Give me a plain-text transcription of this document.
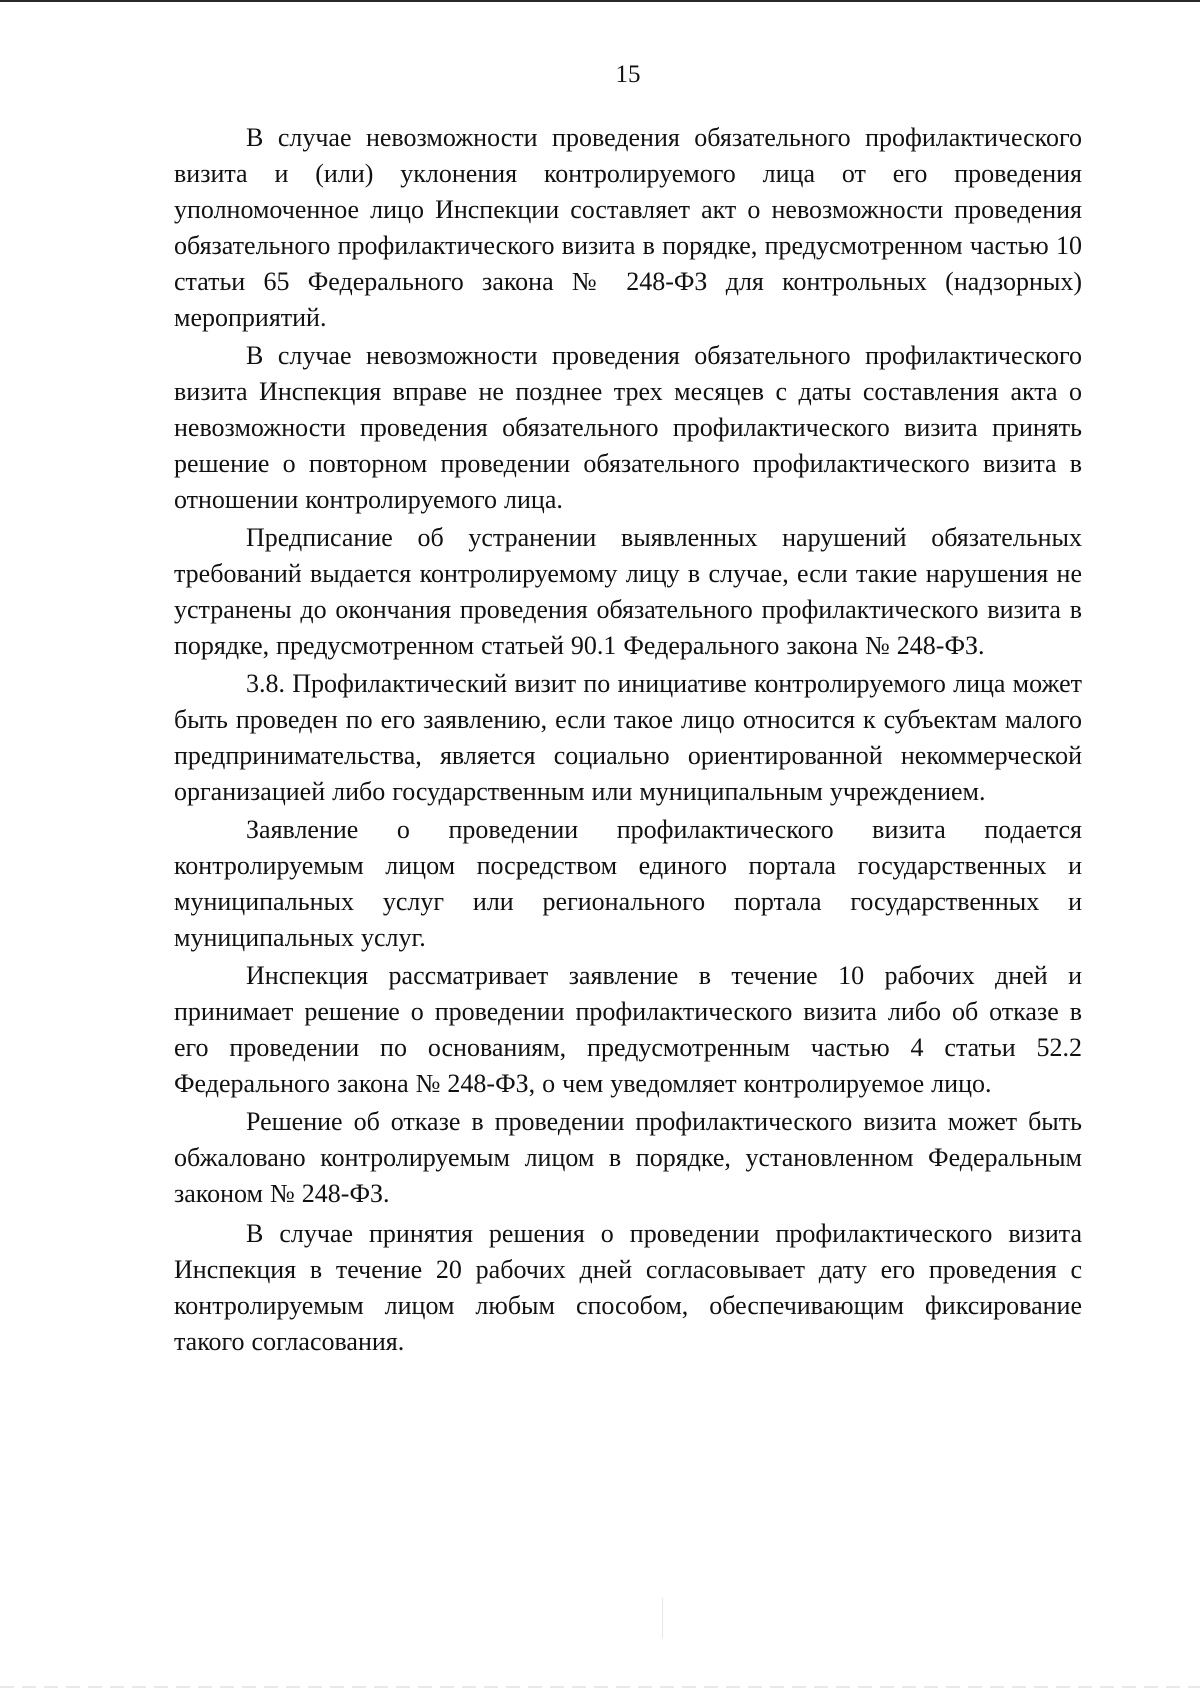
15

В случае невозможности проведения обязательного профилактического визита и (или) уклонения контролируемого лица от его проведения уполномоченное лицо Инспекции составляет акт о невозможности проведения обязательного профилактического визита в порядке, предусмотренном частью 10 статьи 65 Федерального закона № 248-ФЗ для контрольных (надзорных) мероприятий.

В случае невозможности проведения обязательного профилактического визита Инспекция вправе не позднее трех месяцев с даты составления акта о невозможности проведения обязательного профилактического визита принять решение о повторном проведении обязательного профилактического визита в отношении контролируемого лица.

Предписание об устранении выявленных нарушений обязательных требований выдается контролируемому лицу в случае, если такие нарушения не устранены до окончания проведения обязательного профилактического визита в порядке, предусмотренном статьей 90.1 Федерального закона № 248-ФЗ.

3.8. Профилактический визит по инициативе контролируемого лица может быть проведен по его заявлению, если такое лицо относится к субъектам малого предпринимательства, является социально ориентированной некоммерческой организацией либо государственным или муниципальным учреждением.

Заявление о проведении профилактического визита подается контролируемым лицом посредством единого портала государственных и муниципальных услуг или регионального портала государственных и муниципальных услуг.

Инспекция рассматривает заявление в течение 10 рабочих дней и принимает решение о проведении профилактического визита либо об отказе в его проведении по основаниям, предусмотренным частью 4 статьи 52.2 Федерального закона № 248-ФЗ, о чем уведомляет контролируемое лицо.

Решение об отказе в проведении профилактического визита может быть обжаловано контролируемым лицом в порядке, установленном Федеральным законом № 248-ФЗ.

В случае принятия решения о проведении профилактического визита Инспекция в течение 20 рабочих дней согласовывает дату его проведения с контролируемым лицом любым способом, обеспечивающим фиксирование такого согласования.
